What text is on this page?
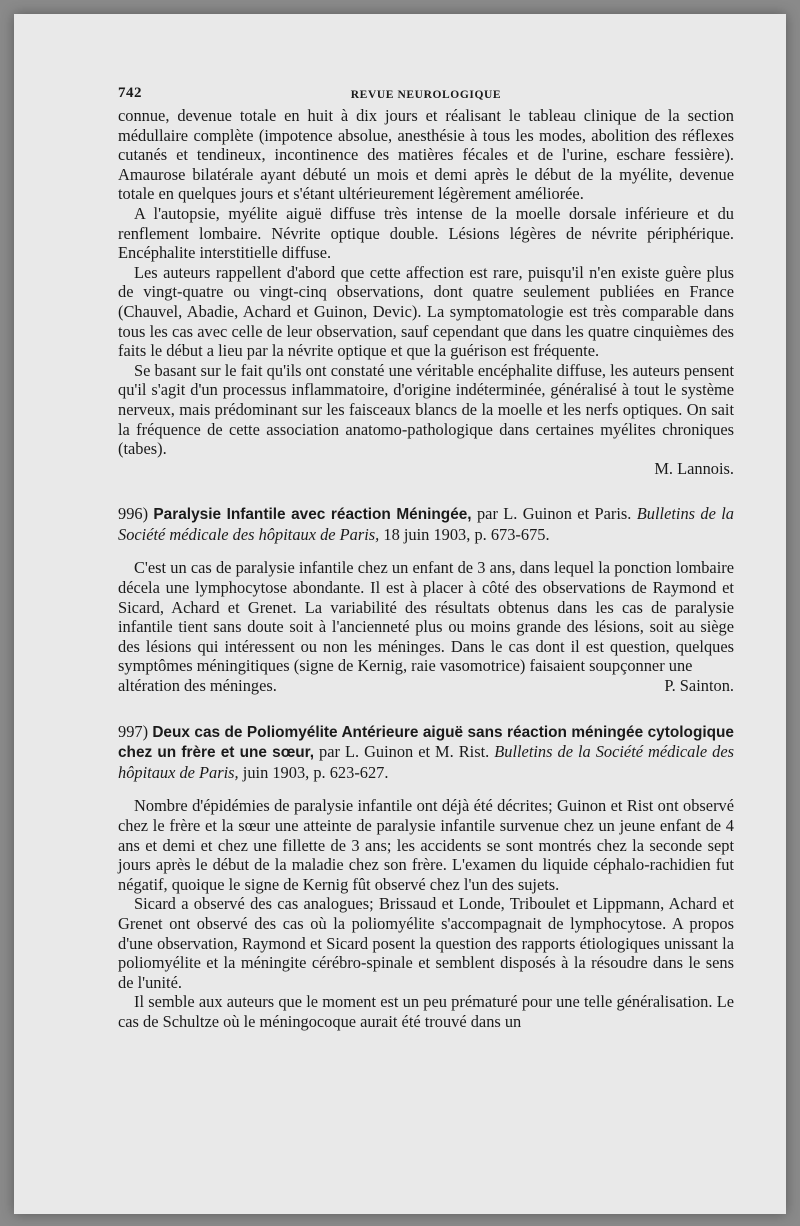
742	REVUE NEUROLOGIQUE

connue, devenue totale en huit à dix jours et réalisant le tableau clinique de la section médullaire complète (impotence absolue, anesthésie à tous les modes, abolition des réflexes cutanés et tendineux, incontinence des matières fécales et de l'urine, eschare fessière). Amaurose bilatérale ayant débuté un mois et demi après le début de la myélite, devenue totale en quelques jours et s'étant ultérieurement légèrement améliorée.

A l'autopsie, myélite aiguë diffuse très intense de la moelle dorsale inférieure et du renflement lombaire. Névrite optique double. Lésions légères de névrite périphérique. Encéphalite interstitielle diffuse.

Les auteurs rappellent d'abord que cette affection est rare, puisqu'il n'en existe guère plus de vingt-quatre ou vingt-cinq observations, dont quatre seulement publiées en France (Chauvel, Abadie, Achard et Guinon, Devic). La symptomatologie est très comparable dans tous les cas avec celle de leur observation, sauf cependant que dans les quatre cinquièmes des faits le début a lieu par la névrite optique et que la guérison est fréquente.

Se basant sur le fait qu'ils ont constaté une véritable encéphalite diffuse, les auteurs pensent qu'il s'agit d'un processus inflammatoire, d'origine indéterminée, généralisé à tout le système nerveux, mais prédominant sur les faisceaux blancs de la moelle et les nerfs optiques. On sait la fréquence de cette association anatomo-pathologique dans certaines myélites chroniques (tabes).

M. Lannois.

996) Paralysie Infantile avec réaction Méningée, par L. Guinon et Paris. Bulletins de la Société médicale des hôpitaux de Paris, 18 juin 1903, p. 673-675.

C'est un cas de paralysie infantile chez un enfant de 3 ans, dans lequel la ponction lombaire décela une lymphocytose abondante. Il est à placer à côté des observations de Raymond et Sicard, Achard et Grenet. La variabilité des résultats obtenus dans les cas de paralysie infantile tient sans doute soit à l'ancienneté plus ou moins grande des lésions, soit au siège des lésions qui intéressent ou non les méninges. Dans le cas dont il est question, quelques symptômes méningitiques (signe de Kernig, raie vasomotrice) faisaient soupçonner une

altération des méninges.	P. Sainton.

997) Deux cas de Poliomyélite Antérieure aiguë sans réaction méningée cytologique chez un frère et une sœur, par L. Guinon et M. Rist. Bulletins de la Société médicale des hôpitaux de Paris, juin 1903, p. 623-627.

Nombre d'épidémies de paralysie infantile ont déjà été décrites; Guinon et Rist ont observé chez le frère et la sœur une atteinte de paralysie infantile survenue chez un jeune enfant de 4 ans et demi et chez une fillette de 3 ans; les accidents se sont montrés chez la seconde sept jours après le début de la maladie chez son frère. L'examen du liquide céphalo-rachidien fut négatif, quoique le signe de Kernig fût observé chez l'un des sujets.

Sicard a observé des cas analogues; Brissaud et Londe, Triboulet et Lippmann, Achard et Grenet ont observé des cas où la poliomyélite s'accompagnait de lymphocytose. A propos d'une observation, Raymond et Sicard posent la question des rapports étiologiques unissant la poliomyélite et la méningite cérébro-spinale et semblent disposés à la résoudre dans le sens de l'unité.

Il semble aux auteurs que le moment est un peu prématuré pour une telle généralisation. Le cas de Schultze où le méningocoque aurait été trouvé dans un
